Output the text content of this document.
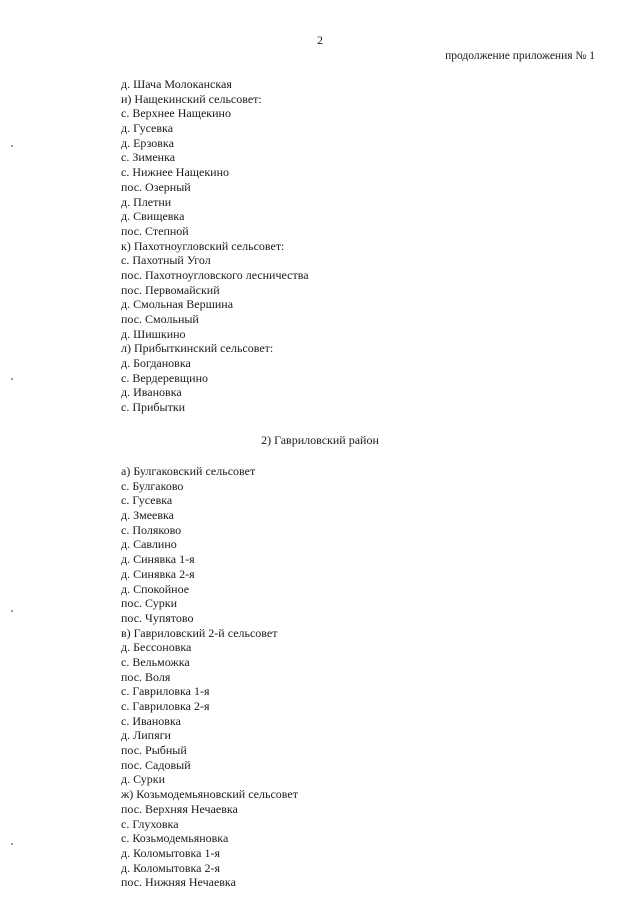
2
продолжение приложения № 1
д. Шача Молоканская
и) Нащекинский сельсовет:
с. Верхнее Нащекино
д. Гусевка
д. Ерзовка
с. Зименка
с. Нижнее Нащекино
пос. Озерный
д. Плетни
д. Свищевка
пос. Степной
к) Пахотноугловский сельсовет:
с. Пахотный Угол
пос. Пахотноугловского лесничества
пос. Первомайский
д. Смольная Вершина
пос. Смольный
д. Шишкино
л) Прибыткинский сельсовет:
д. Богдановка
с. Вердеревщино
д. Ивановка
с. Прибытки
2) Гавриловский район
а) Булгаковский сельсовет
с. Булгаково
с. Гусевка
д. Змеевка
с. Поляково
д. Савлино
д. Синявка 1-я
д. Синявка 2-я
д. Спокойное
пос. Сурки
пос. Чупятово
в) Гавриловский 2-й сельсовет
д. Бессоновка
с. Вельможка
пос. Воля
с. Гавриловка 1-я
с. Гавриловка 2-я
с. Ивановка
д. Липяги
пос. Рыбный
пос. Садовый
д. Сурки
ж) Козьмодемьяновский сельсовет
пос. Верхняя Нечаевка
с. Глуховка
с. Козьмодемьяновка
д. Коломытовка 1-я
д. Коломытовка 2-я
пос. Нижняя Нечаевка
